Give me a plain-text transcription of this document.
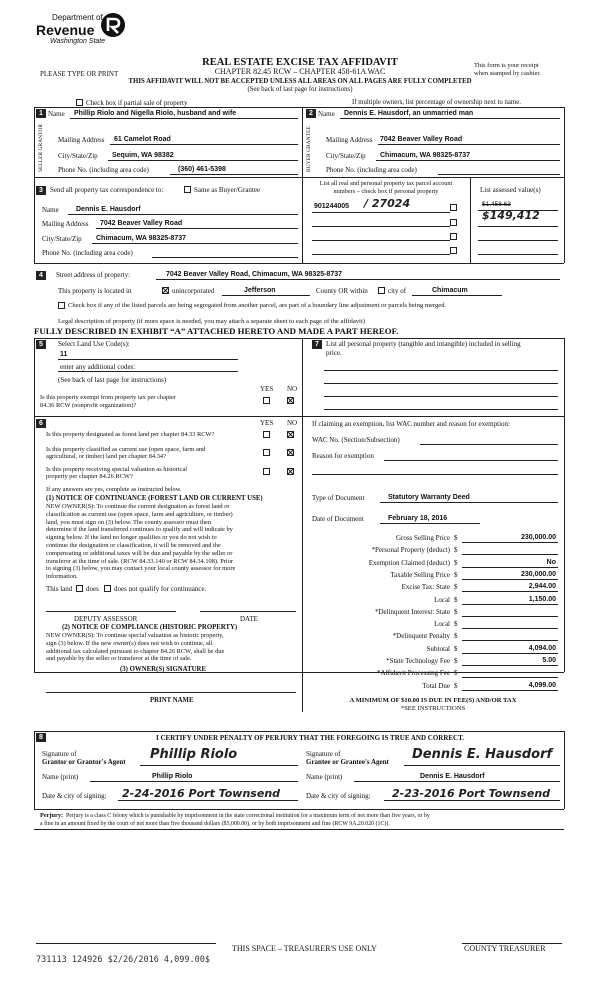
Department of
Revenue
Washington State
REAL ESTATE EXCISE TAX AFFIDAVIT
CHAPTER 82.45 RCW – CHAPTER 458-61A WAC
PLEASE TYPE OR PRINT
This form is your receipt
when stamped by cashier.
THIS AFFIDAVIT WILL NOT BE ACCEPTED UNLESS ALL AREAS ON ALL PAGES ARE FULLY COMPLETED
(See back of last page for instructions)
Check box if partial sale of property	If multiple owners, list percentage of ownership next to name.
1 Name Phillip Riolo and Nigella Riolo, husband and wife
SELLER GRANTOR Mailing Address 61 Camelot Road
City/State/Zip Sequim, WA 98382
Phone No. (including area code)	(360) 461-5398
2 Name Dennis E. Hausdorf, an unmarried man
BUYER GRANTEE Mailing Address 7042 Beaver Valley Road
City/State/Zip Chimacum, WA 98325-8737
Phone No. (including area code)
3	Send all property tax correspondence to:	Same as Buyer/Grantee
Name Dennis E. Hausdorf
Mailing Address 7042 Beaver Valley Road
City/State/Zip Chimacum, WA 98325-8737
Phone No. (including area code)
List all real and personal property tax parcel account
numbers – check box if personal property	List assessed value(s)
901244005 / 27024	$1,458.63
$149,412
4	Street address of property:	7042 Beaver Valley Road, Chimacum, WA 98325-8737
This property is located in	unincorporated	Jefferson	County OR within	city of	Chimacum
Check box if any of the listed parcels are being segregated from another parcel, are part of a boundary line adjustment or parcels being merged.
Legal description of property (if more space is needed, you may attach a separate sheet to each page of the affidavit)
FULLY DESCRIBED IN EXHIBIT “A” ATTACHED HERETO AND MADE A PART HEREOF.
5	Select Land Use Code(s):
11
enter any additional codes:
(See back of last page for instructions)
YES NO
Is this property exempt from property tax per chapter
84.36 RCW (nonprofit organization)?
7	List all personal property (tangible and intangible) included in selling
price.
6	YES NO
Is this property designated as forest land per chapter 84.33 RCW?
Is this property classified as current use (open space, farm and
agricultural, or timber) land per chapter 84.34?
Is this property receiving special valuation as historical
property per chapter 84.26 RCW?
If any answers are yes, complete as instructed below.
(1) NOTICE OF CONTINUANCE (FOREST LAND OR CURRENT USE)
NEW OWNER(S): To continue the current designation as forest land or
classification as current use (open space, farm and agriculture, or timber)
land, you must sign on (3) below. The county assessor must then
determine if the land transferred continues to qualify and will indicate by
signing below. If the land no longer qualifies or you do not wish to
continue the designation or classification, it will be removed and the
compensating or additional taxes will be due and payable by the seller or
transferor at the time of sale. (RCW 84.33.140 or RCW 84.34.108). Prior
to signing (3) below, you may contact your local county assessor for more
information.
This land does does not qualify for continuance.
DEPUTY ASSESSOR	DATE
(2) NOTICE OF COMPLIANCE (HISTORIC PROPERTY)
NEW OWNER(S): To continue special valuation as historic property,
sign (3) below. If the new owner(s) does not wish to continue, all
additional tax calculated pursuant to chapter 84.26 RCW, shall be due
and payable by the seller or transferor at the time of sale.
(3) OWNER(S) SIGNATURE
If claiming an exemption, list WAC number and reason for exemption:
WAC No. (Section/Subsection)
Reason for exemption
Type of Document	Statutory Warranty Deed
Date of Document	February 18, 2016
Gross Selling Price $	230,000.00
*Personal Property (deduct) $
Exemption Claimed (deduct) $	No
Taxable Selling Price $	230,000.00
Excise Tax: State $	2,944.00
Local $	1,150.00
*Delinquent Interest: State $
Local $
*Delinquent Penalty $
Subtotal $	4,094.00
*State Technology Fee $	5.00
*Affidavit Processing Fee $
Total Due $	4,099.00
PRINT NAME	A MINIMUM OF $10.00 IS DUE IN FEE(S) AND/OR TAX
*SEE INSTRUCTIONS
8	I CERTIFY UNDER PENALTY OF PERJURY THAT THE FOREGOING IS TRUE AND CORRECT.
Signature of
Grantor or Grantor's Agent Phillip Riolo
Name (print)	Phillip Riolo
Date & city of signing: 2-24-2016 Port Townsend
Signature of
Grantee or Grantee's Agent Dennis E. Hausdorf
Name (print)	Dennis E. Hausdorf
Date & city of signing: 2-23-2016 Port Townsend
Perjury: Perjury is a class C felony which is punishable by imprisonment in the state correctional institution for a maximum term of not more than five years, or by
a fine in an amount fixed by the court of not more than five thousand dollars ($5,000.00), or by both imprisonment and fine (RCW 9A.20.020 (1C)).
THIS SPACE – TREASURER'S USE ONLY	COUNTY TREASURER
731113 124926 $2/26/2016 4,099.00$
